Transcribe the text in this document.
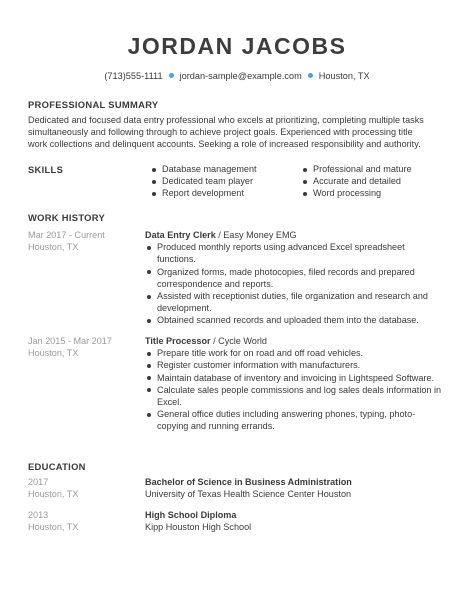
JORDAN JACOBS
(713)555-1111 jordan-sample@example.com Houston, TX
PROFESSIONAL SUMMARY
Dedicated and focused data entry professional who excels at prioritizing, completing multiple tasks
simultaneously and following through to achieve project goals. Experienced with processing title
work collections and delinquent accounts. Seeking a role of increased responsibility and authority.
SKILLS	Database management
Dedicated team player
Report development
Professional and mature
Accurate and detailed
Word processing
WORK HISTORY
Mar 2017 - Current
Houston, TX
Data Entry Clerk / Easy Money EMG
Produced monthly reports using advanced Excel spreadsheet functions.
Organized forms, made photocopies, filed records and prepared correspondence and reports.
Assisted with receptionist duties, file organization and research and development.
Obtained scanned records and uploaded them into the database.
Jan 2015 - Mar 2017
Houston, TX
Title Processor / Cycle World
Prepare title work for on road and off road vehicles.
Register customer information with manufacturers.
Maintain database of inventory and invoicing in Lightspeed Software.
Calculate sales people commissions and log sales deals information in Excel.
General office duties including answering phones, typing, photo-copying and running errands.
EDUCATION
2017
Houston, TX
Bachelor of Science in Business Administration
University of Texas Health Science Center Houston
2013
Houston, TX
High School Diploma
Kipp Houston High School
